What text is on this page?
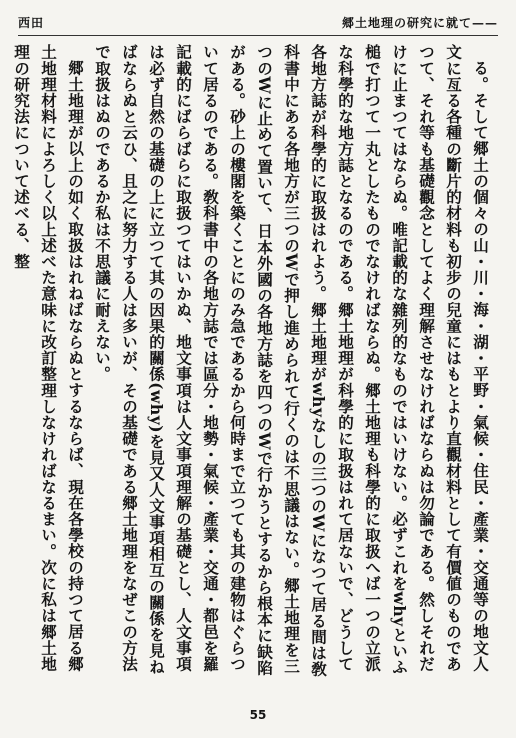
西田	郷土地理の研究に就て——

る。そして郷土の個々の山・川・海・湖・平野・氣候・住民・產業・交通等の地文人文に亙る各種の斷片的材料も初步の兒童にはもとより直觀材料として有價値のものであつて、それ等も基礎觀念としてよく理解させなければならぬは勿論である。然しそれだけに止まつてはならぬ。唯記載的な雜列的なものではいけない。必ずこれをwhyといふ槌で打つて一丸としたものでなければならぬ。郷土地理も科學的に取扱へば一つの立派な科學的な地方誌となるのである。郷土地理が科學的に取扱はれて居ないで、どうして各地方誌が科學的に取扱はれよう。郷土地理がwhyなしの三つのWになつて居る間は敎科書中にある各地方が三つのWで押し進められて行くのは不思議はない。郷土地理を三つのWに止めて置いて、日本外國の各地方誌を四つのWで行かうとするから根本に缺陷がある。砂上の樓閣を築くことにのみ急であるから何時まで立つても其の建物はぐらついて居るのである。敎科書中の各地方誌では區分・地勢・氣候・產業・交通・都邑を羅記載的にばらばらに取扱つてはいかぬ、地文事項は人文事項理解の基礎とし、人文事項は必ず自然の基礎の上に立つて其の因果的關係(why)を見又人文事項相互の關係を見ねばならぬと云ひ、且之に努力する人は多いが、その基礎である郷土地理をなぜこの方法で取扱はぬのであるか私は不思議に耐えない。

郷土地理が以上の如く取扱はれねばならぬとするならば、現在各學校の持つて居る郷土地理材料によろしく以上述べた意味に改訂整理しなければなるまい。次に私は郷土地理の研究法について述べる、整

55
